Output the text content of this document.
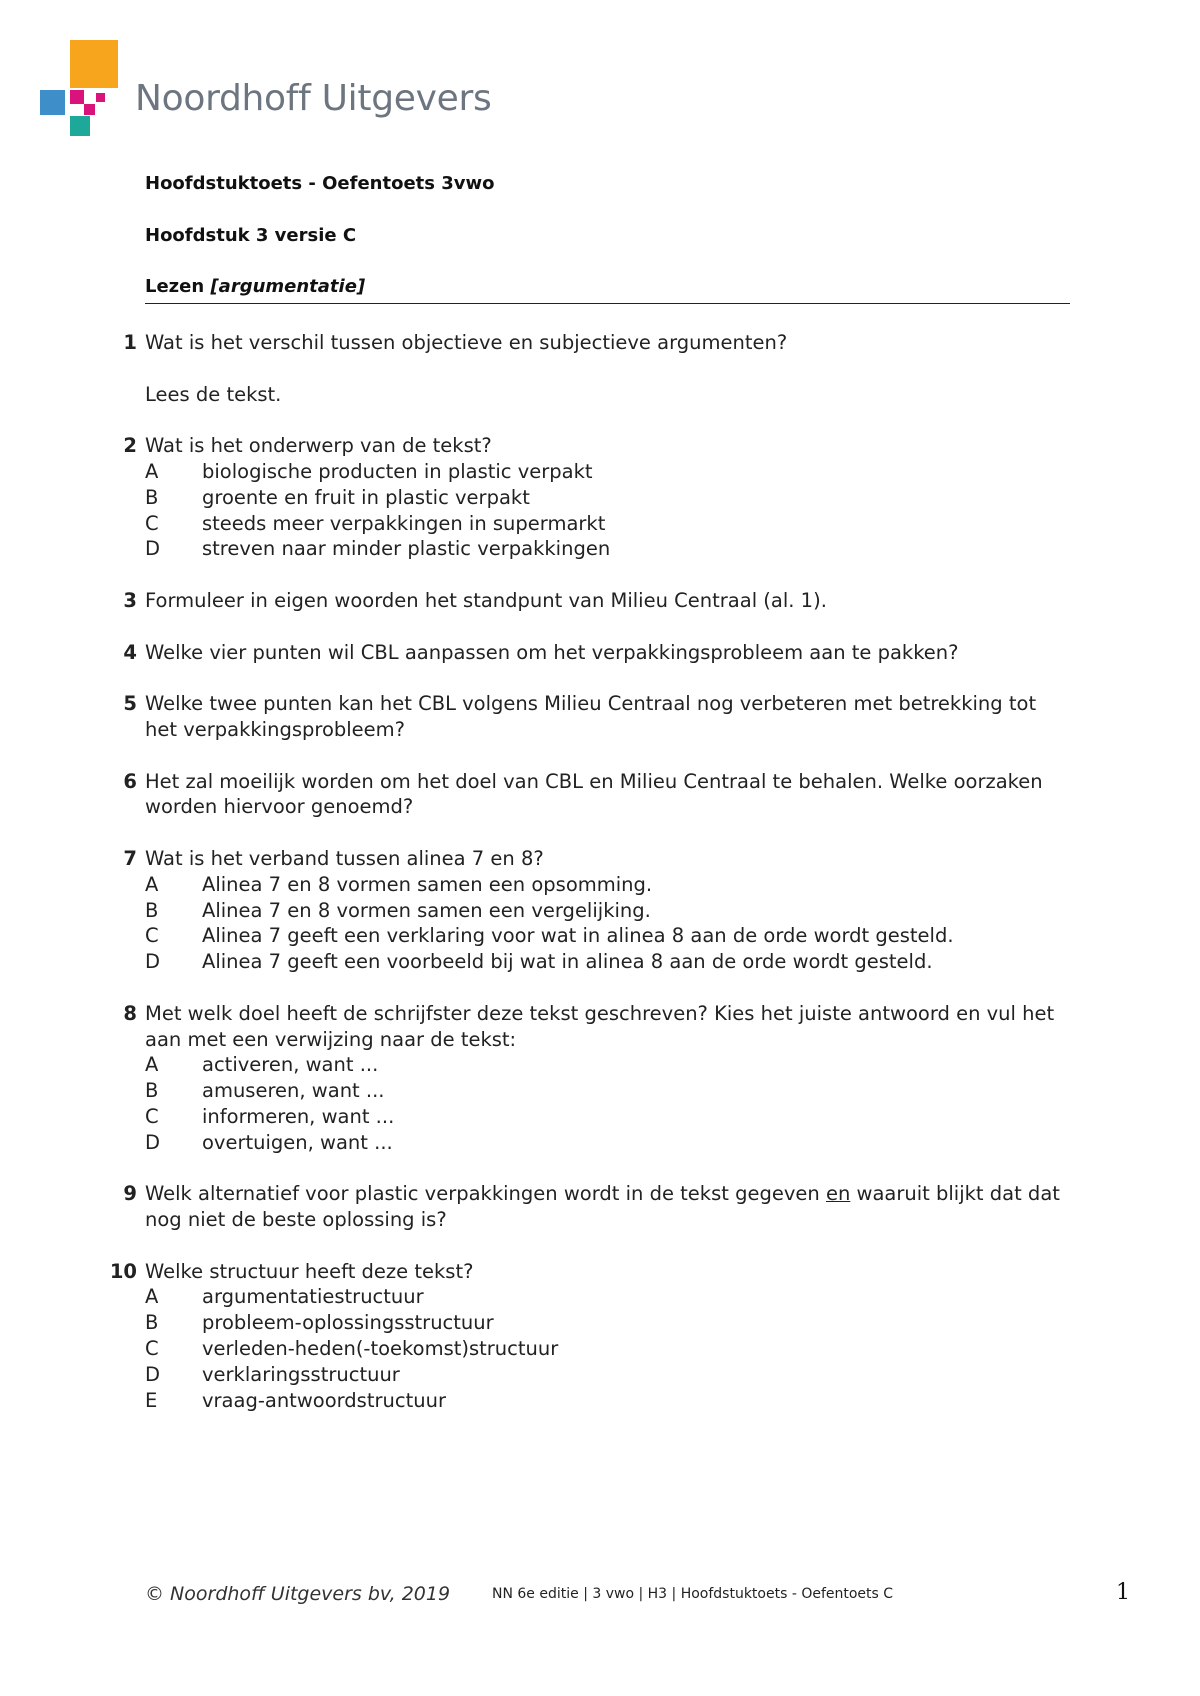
Noordhoff Uitgevers
Hoofdstuktoets - Oefentoets 3vwo
Hoofdstuk 3 versie C
Lezen [argumentatie]
1 Wat is het verschil tussen objectieve en subjectieve argumenten?
Lees de tekst.
2 Wat is het onderwerp van de tekst?
A	biologische producten in plastic verpakt
B	groente en fruit in plastic verpakt
C	steeds meer verpakkingen in supermarkt
D	streven naar minder plastic verpakkingen
3 Formuleer in eigen woorden het standpunt van Milieu Centraal (al. 1).
4 Welke vier punten wil CBL aanpassen om het verpakkingsprobleem aan te pakken?
5 Welke twee punten kan het CBL volgens Milieu Centraal nog verbeteren met betrekking tot het verpakkingsprobleem?
6 Het zal moeilijk worden om het doel van CBL en Milieu Centraal te behalen. Welke oorzaken worden hiervoor genoemd?
7 Wat is het verband tussen alinea 7 en 8?
A	Alinea 7 en 8 vormen samen een opsomming.
B	Alinea 7 en 8 vormen samen een vergelijking.
C	Alinea 7 geeft een verklaring voor wat in alinea 8 aan de orde wordt gesteld.
D	Alinea 7 geeft een voorbeeld bij wat in alinea 8 aan de orde wordt gesteld.
8 Met welk doel heeft de schrijfster deze tekst geschreven? Kies het juiste antwoord en vul het aan met een verwijzing naar de tekst:
A	activeren, want ...
B	amuseren, want ...
C	informeren, want ...
D	overtuigen, want ...
9 Welk alternatief voor plastic verpakkingen wordt in de tekst gegeven en waaruit blijkt dat dat nog niet de beste oplossing is?
10 Welke structuur heeft deze tekst?
A	argumentatiestructuur
B	probleem-oplossingsstructuur
C	verleden-heden(-toekomst)structuur
D	verklaringsstructuur
E	vraag-antwoordstructuur
© Noordhoff Uitgevers bv, 2019	NN 6e editie | 3 vwo | H3 | Hoofdstuktoets - Oefentoets C	1
